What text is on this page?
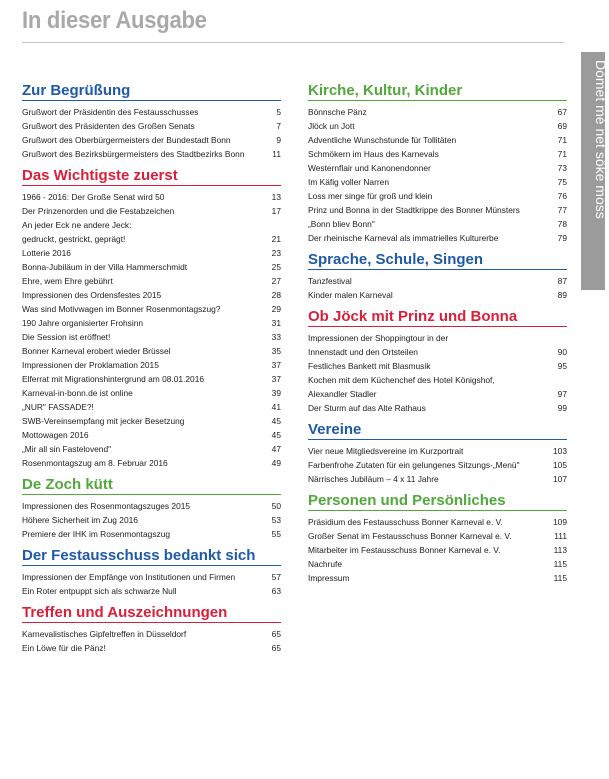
In dieser Ausgabe
Dòmet mé net söke moss
Zur Begrüßung
Grußwort der Präsidentin des Festausschusses	5
Grußwort des Präsidenten des Großen Senats	7
Grußwort des Oberbürgermeisters der Bundestadt Bonn	9
Grußwort des Bezirksbürgermeisters des Stadtbezirks Bonn	11
Das Wichtigste zuerst
1966 - 2016: Der Große Senat wird 50	13
Der Prinzenorden und die Festabzeichen	17
An jeder Eck ne andere Jeck:
gedruckt, gestrickt, geprägt!	21
Lotterie 2016	23
Bonna-Jubiläum in der Villa Hammerschmidt	25
Ehre, wem Ehre gebührt	27
Impressionen des Ordensfestes 2015	28
Was sind Motivwagen im Bonner Rosenmontagszug?	29
190 Jahre organisierter Frohsinn	31
Die Session ist eröffnet!	33
Bonner Karneval erobert wieder Brüssel	35
Impressionen der Proklamation 2015	37
Elferrat mit Migrationshintergrund am 08.01.2016	37
Karneval-in-bonn.de ist online	39
„NUR" FASSADE?!	41
SWB-Vereinsempfang mit jecker Besetzung	45
Mottowagen 2016	45
„Mir all sin Fastelovend"	47
Rosenmontagszug am 8. Februar 2016	49
De Zoch kütt
Impressionen des Rosenmontagszuges 2015	50
Höhere Sicherheit im Zug 2016	53
Premiere der IHK im Rosenmontagszug	55
Der Festausschuss bedankt sich
Impressionen der Empfänge von Institutionen und Firmen	57
Ein Roter entpuppt sich als schwarze Null	63
Treffen und Auszeichnungen
Karnevalistisches Gipfeltreffen in Düsseldorf	65
Ein Löwe für die Pänz!	65
Kirche, Kultur, Kinder
Bönnsche Pänz	67
Jlöck un Jott	69
Adventliche Wunschstunde für Tollitäten	71
Schmökern im Haus des Karnevals	71
Westernflair und Kanonendonner	73
Im Käfig voller Narren	75
Loss mer singe für groß und klein	76
Prinz und Bonna in der Stadtkrippe des Bonner Münsters	77
„Bonn bliev Bonn"	78
Der rheinische Karneval als immatrielles Kulturerbe	79
Sprache, Schule, Singen
Tanzfestival	87
Kinder malen Karneval	89
Ob Jöck mit Prinz und Bonna
Impressionen der Shoppingtour in der
Innenstadt und den Ortsteilen	90
Festliches Bankett mit Blasmusik	95
Kochen mit dem Küchenchef des Hotel Königshof,
Alexandler Stadler	97
Der Sturm auf das Alte Rathaus	99
Vereine
Vier neue Mitgliedsvereine im Kurzportrait	103
Farbenfrohe Zutaten für ein gelungenes Sitzungs-„Menü"	105
Närrisches Jubiläum – 4 x 11 Jahre	107
Personen und Persönliches
Präsidium des Festausschuss Bonner Karneval e. V.	109
Großer Senat im Festausschuss Bonner Karneval e. V.	111
Mitarbeiter im Festausschuss Bonner Karneval e. V.	113
Nachrufe	115
Impressum	115
